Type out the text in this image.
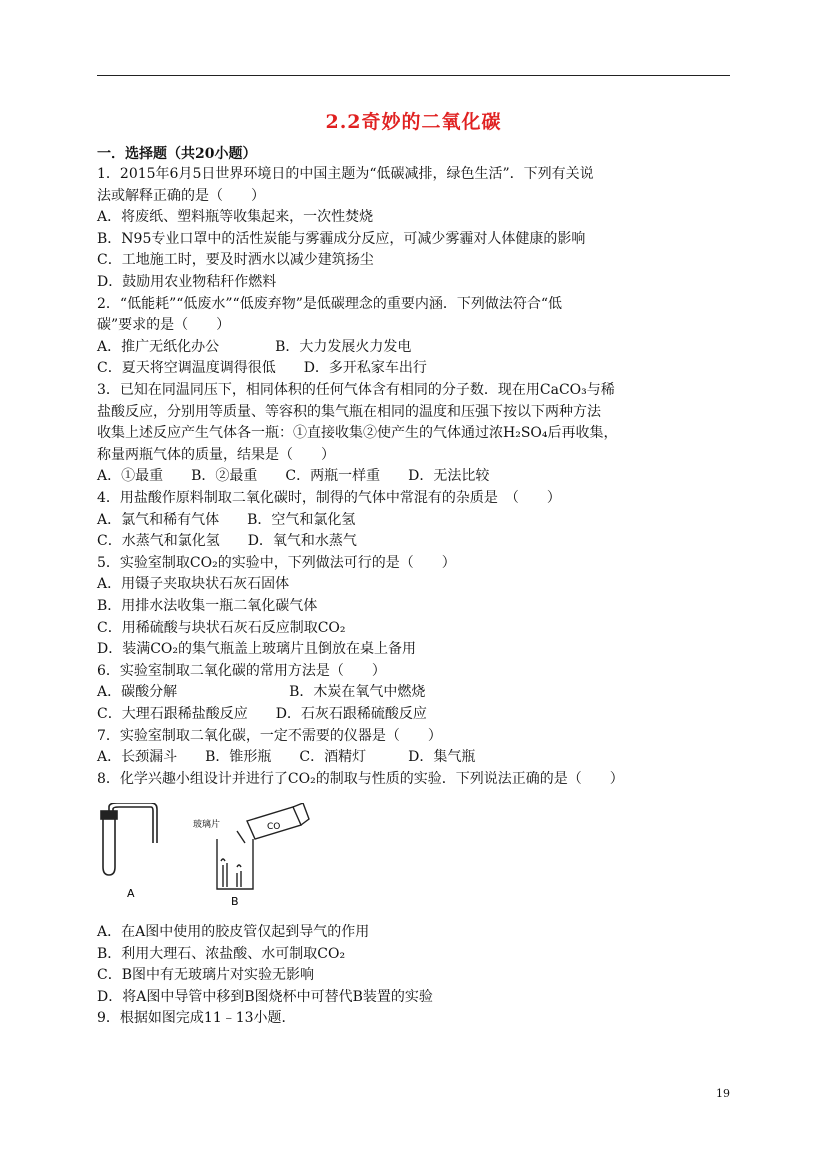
2.2奇妙的二氧化碳
一．选择题（共20小题）
1．2015年6月5日世界环境日的中国主题为“低碳减排，绿色生活”．下列有关说
法或解释正确的是（　　）
A．将废纸、塑料瓶等收集起来，一次性焚烧
B．N95专业口罩中的活性炭能与雾霾成分反应，可减少雾霾对人体健康的影响
C．工地施工时，要及时洒水以减少建筑扬尘
D．鼓励用农业物秸秆作燃料
2．“低能耗”“低废水”“低废弃物”是低碳理念的重要内涵．下列做法符合“低
碳”要求的是（　　）
A．推广无纸化办公　　　　B．大力发展火力发电
C．夏天将空调温度调得很低　　D．多开私家车出行
3．已知在同温同压下，相同体积的任何气体含有相同的分子数．现在用CaCO₃与稀
盐酸反应，分别用等质量、等容积的集气瓶在相同的温度和压强下按以下两种方法
收集上述反应产生气体各一瓶：①直接收集②使产生的气体通过浓H₂SO₄后再收集，
称量两瓶气体的质量，结果是（　　）
A．①最重　　B．②最重　　C．两瓶一样重　　D．无法比较
4．用盐酸作原料制取二氧化碳时，制得的气体中常混有的杂质是　（　　）
A．氯气和稀有气体　　B．空气和氯化氢
C．水蒸气和氯化氢　　D．氧气和水蒸气
5．实验室制取CO₂的实验中，下列做法可行的是（　　）
A．用镊子夹取块状石灰石固体
B．用排水法收集一瓶二氧化碳气体
C．用稀硫酸与块状石灰石反应制取CO₂
D．装满CO₂的集气瓶盖上玻璃片且倒放在桌上备用
6．实验室制取二氧化碳的常用方法是（　　）
A．碳酸分解　　　　　　　　B．木炭在氧气中燃烧
C．大理石跟稀盐酸反应　　D．石灰石跟稀硫酸反应
7．实验室制取二氧化碳，一定不需要的仪器是（　　）
A．长颈漏斗　　B．锥形瓶　　C．酒精灯　　　D．集气瓶
8．化学兴趣小组设计并进行了CO₂的制取与性质的实验．下列说法正确的是（　　）
A
玻璃片	CO
B
A．在A图中使用的胶皮管仅起到导气的作用
B．利用大理石、浓盐酸、水可制取CO₂
C．B图中有无玻璃片对实验无影响
D．将A图中导管中移到B图烧杯中可替代B装置的实验
9．根据如图完成11﹣13小题．
19
